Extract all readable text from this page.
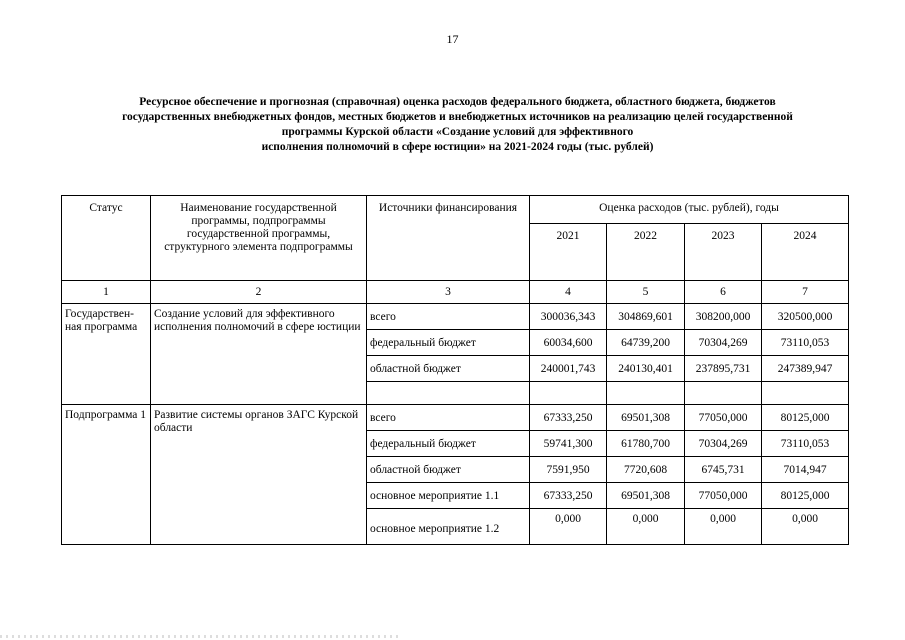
17
Ресурсное обеспечение и прогнозная (справочная) оценка расходов федерального бюджета, областного бюджета, бюджетов
государственных внебюджетных фондов, местных бюджетов и внебюджетных источников на реализацию целей государственной
программы Курской области «Создание условий для эффективного
исполнения полномочий в сфере юстиции» на 2021-2024 годы (тыс. рублей)
Статус	Наименование государственной программы, подпрограммы государственной программы, структурного элемента подпрограммы	Источники финансирования	Оценка расходов (тыс. рублей), годы			
			2021	2022	2023	2024
1	2	3	4	5	6	7
Государствен-ная программа	Создание условий для эффективного исполнения полномочий в сфере юстиции	всего	300036,343	304869,601	308200,000	320500,000
		федеральный бюджет	60034,600	64739,200	70304,269	73110,053
		областной бюджет	240001,743	240130,401	237895,731	247389,947

Подпрограмма 1	Развитие системы органов ЗАГС Курской области	всего	67333,250	69501,308	77050,000	80125,000
		федеральный бюджет	59741,300	61780,700	70304,269	73110,053
		областной бюджет	7591,950	7720,608	6745,731	7014,947
		основное мероприятие 1.1	67333,250	69501,308	77050,000	80125,000
		основное мероприятие 1.2	0,000	0,000	0,000	0,000
